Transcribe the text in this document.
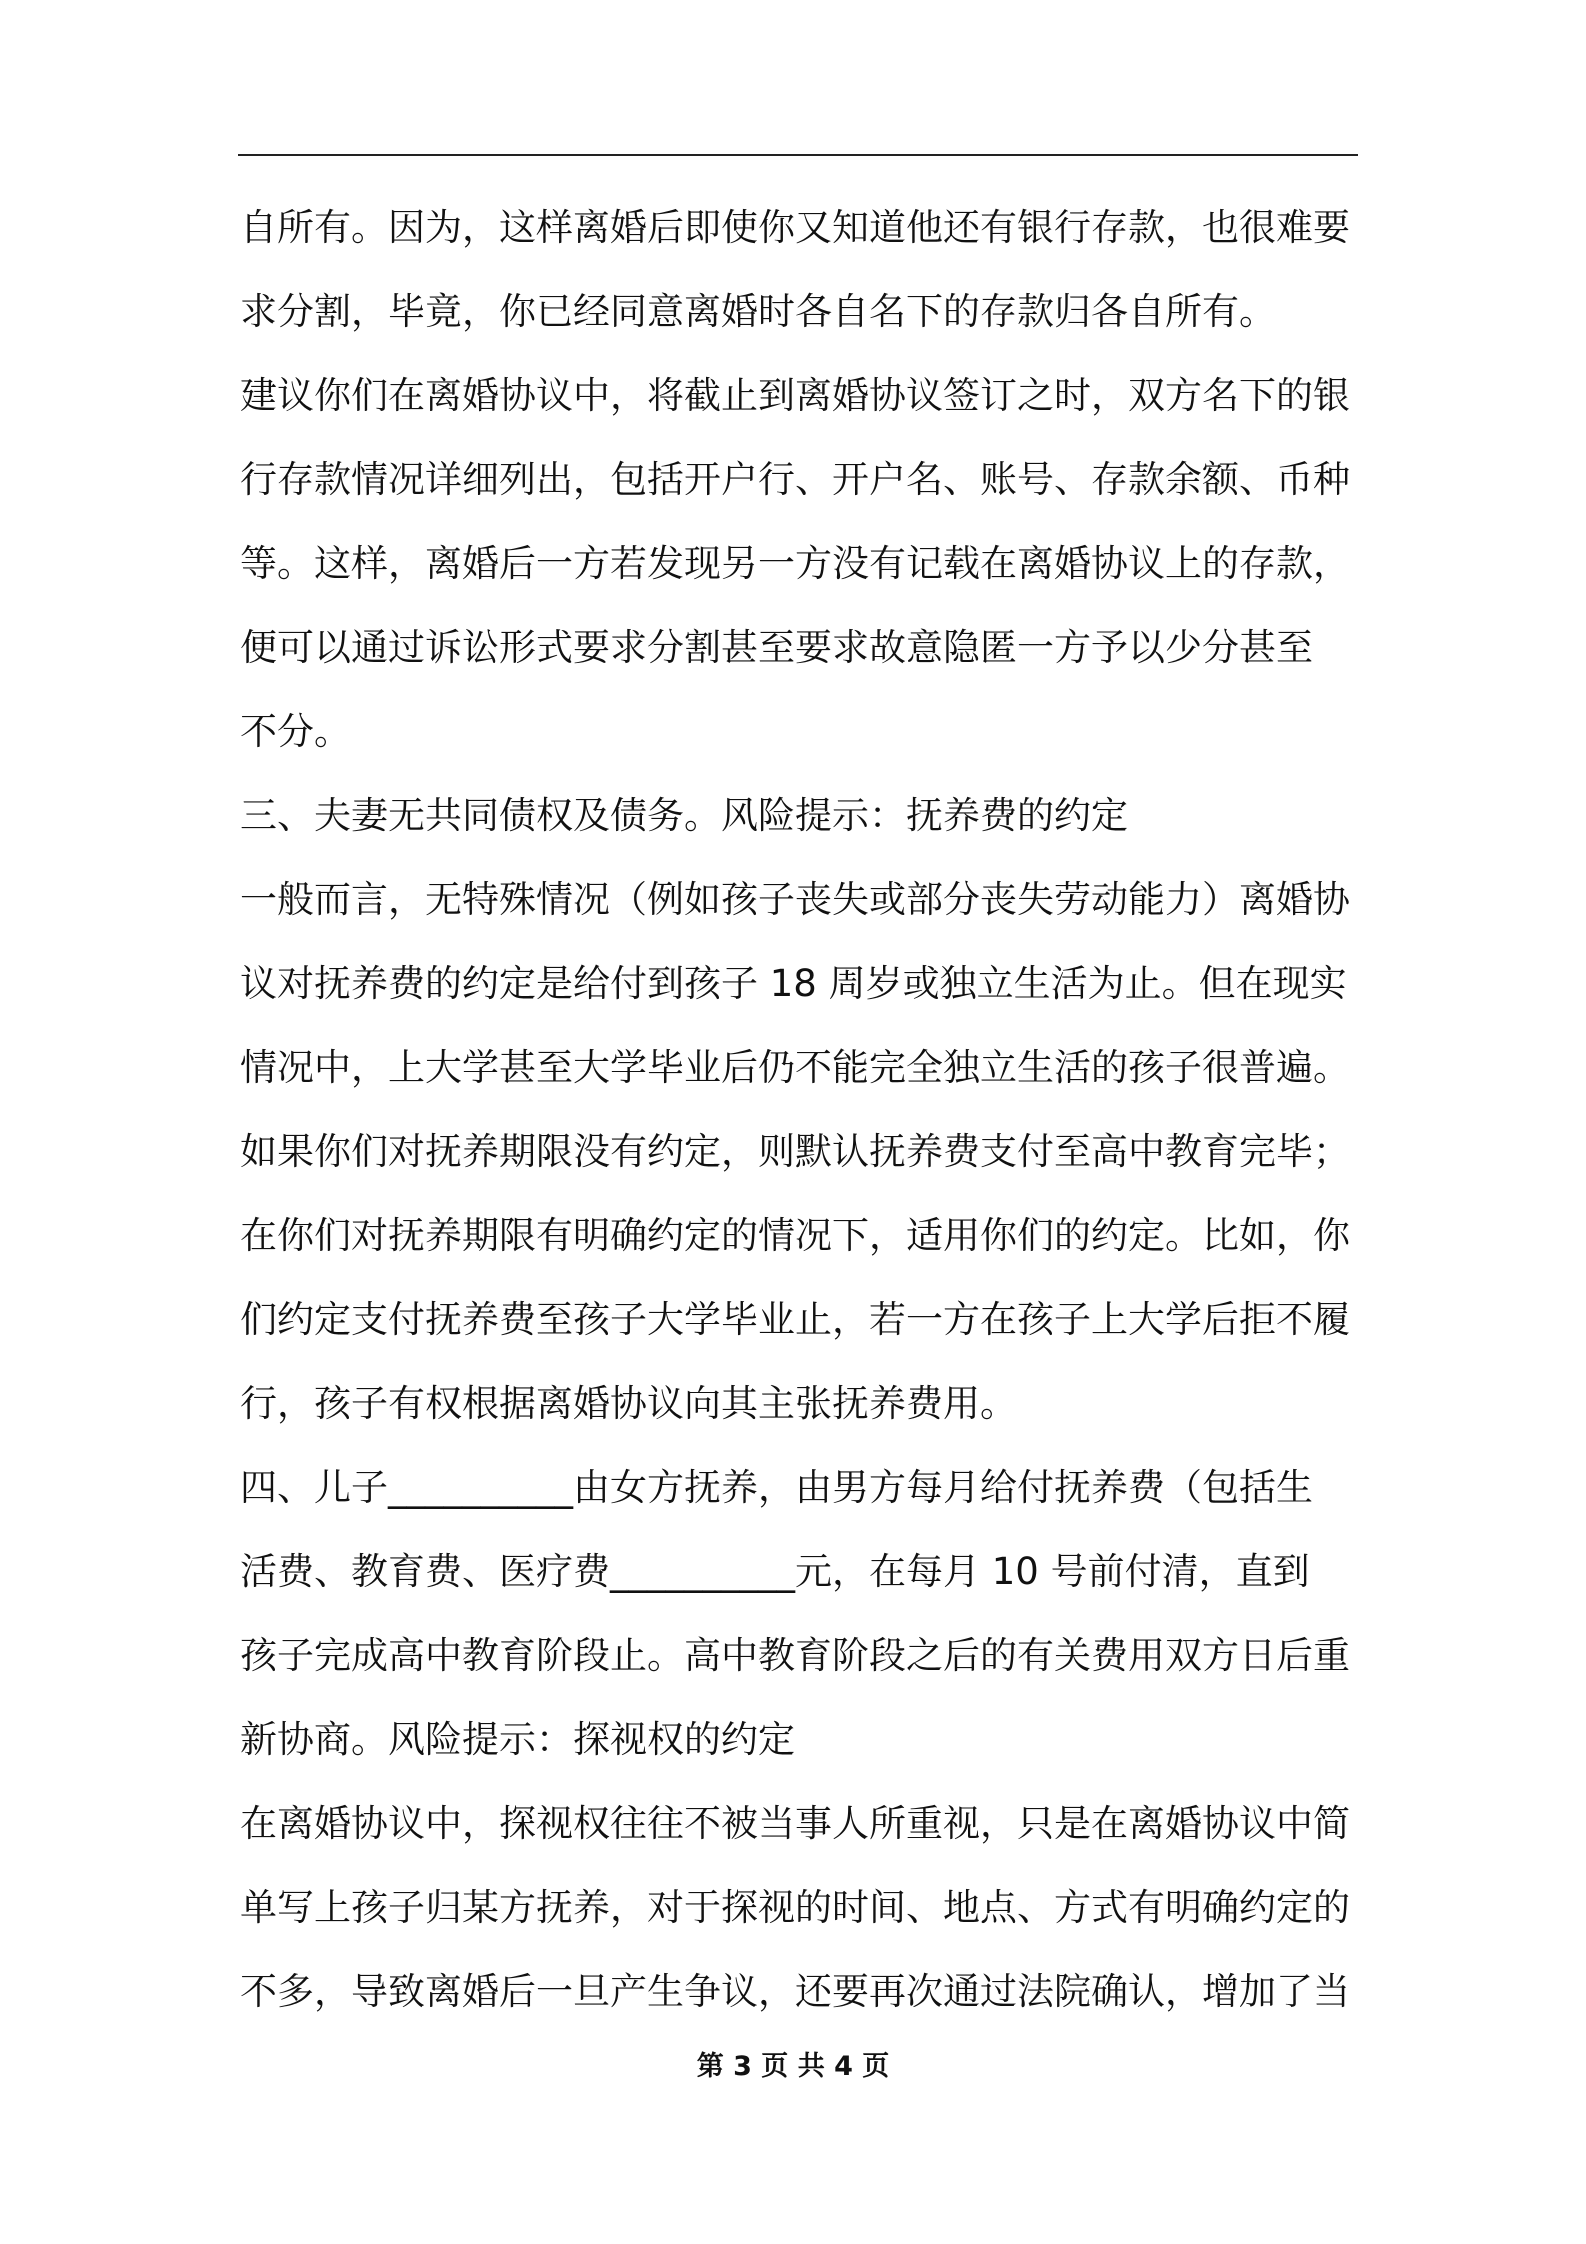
自所有。因为，这样离婚后即使你又知道他还有银行存款，也很难要
求分割，毕竟，你已经同意离婚时各自名下的存款归各自所有。
建议你们在离婚协议中，将截止到离婚协议签订之时，双方名下的银
行存款情况详细列出，包括开户行、开户名、账号、存款余额、币种
等。这样，离婚后一方若发现另一方没有记载在离婚协议上的存款，
便可以通过诉讼形式要求分割甚至要求故意隐匿一方予以少分甚至
不分。
三、夫妻无共同债权及债务。风险提示：抚养费的约定
一般而言，无特殊情况（例如孩子丧失或部分丧失劳动能力）离婚协
议对抚养费的约定是给付到孩子 18 周岁或独立生活为止。但在现实
情况中，上大学甚至大学毕业后仍不能完全独立生活的孩子很普遍。
如果你们对抚养期限没有约定，则默认抚养费支付至高中教育完毕；
在你们对抚养期限有明确约定的情况下，适用你们的约定。比如，你
们约定支付抚养费至孩子大学毕业止，若一方在孩子上大学后拒不履
行，孩子有权根据离婚协议向其主张抚养费用。
四、儿子__________由女方抚养，由男方每月给付抚养费（包括生
活费、教育费、医疗费__________元，在每月 10 号前付清，直到
孩子完成高中教育阶段止。高中教育阶段之后的有关费用双方日后重
新协商。风险提示：探视权的约定
在离婚协议中，探视权往往不被当事人所重视，只是在离婚协议中简
单写上孩子归某方抚养，对于探视的时间、地点、方式有明确约定的
不多，导致离婚后一旦产生争议，还要再次通过法院确认，增加了当
第 3 页 共 4 页
